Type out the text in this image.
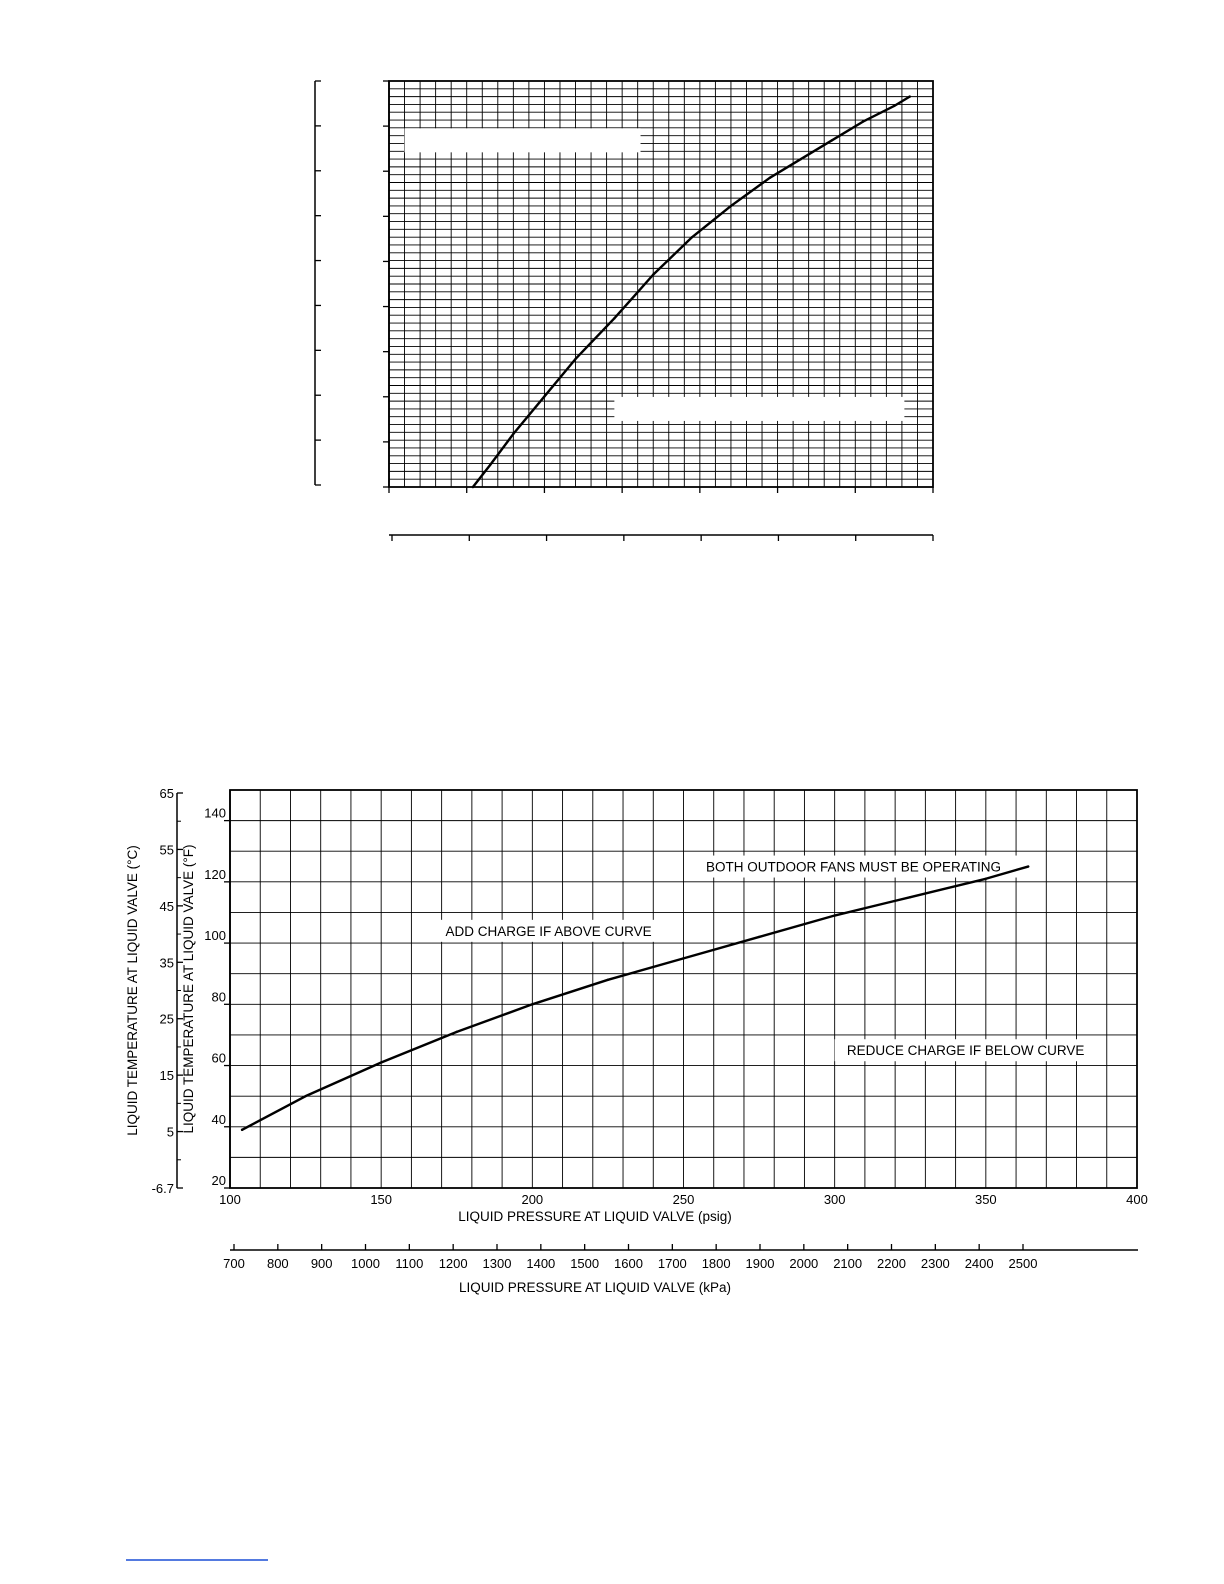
BOTH OUTDOOR FANS MUST BE OPERATING
ADD CHARGE IF ABOVE CURVE
REDUCE CHARGE IF BELOW CURVE
20
40
60
80
100
120
140
LIQUID TEMPERATURE AT LIQUID VALVE (°F)
65
55
45
35
25
15
5
-6.7
LIQUID TEMPERATURE AT LIQUID VALVE (°C)
100	150	200	250	300	350	400
LIQUID PRESSURE AT LIQUID VALVE (psig)
700 800 900 1000 1100 1200 1300 1400 1500 1600 1700 1800 1900 2000 2100 2200 2300 2400 2500
LIQUID PRESSURE AT LIQUID VALVE (kPa)
